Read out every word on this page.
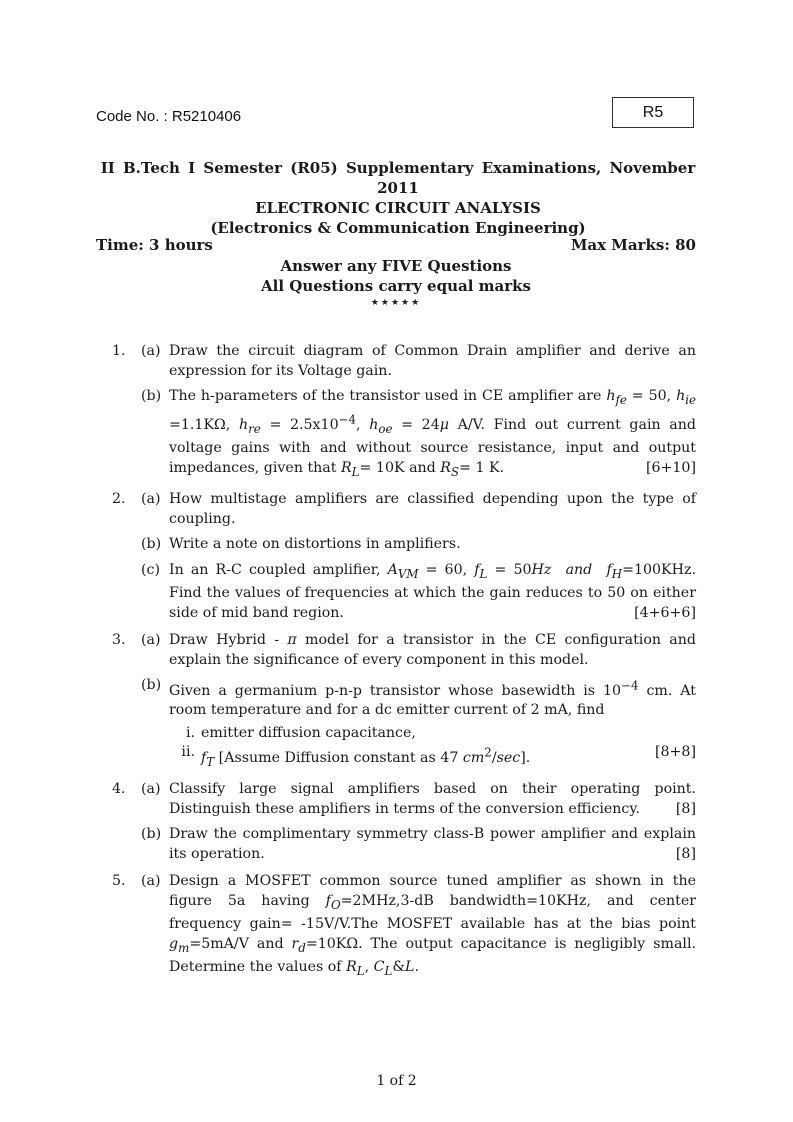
Code No. : R5210406	R5
II B.Tech I Semester (R05) Supplementary Examinations, November 2011
ELECTRONIC CIRCUIT ANALYSIS
(Electronics & Communication Engineering)
Time: 3 hours	Max Marks: 80
Answer any FIVE Questions
All Questions carry equal marks
★★★★★
1.	(a) Draw the circuit diagram of Common Drain amplifier and derive an expression for its Voltage gain.
(b) The h-parameters of the transistor used in CE amplifier are $h_{fe} = 50$, $h_{ie} =1.1K\Omega$, $h_{re} = 2.5x10^{-4}$, $h_{oe} = 24\mu$ A/V. Find out current gain and voltage gains with and without source resistance, input and output impedances, given that $R_L= 10K$ and $R_S= 1$ K.	[6+10]
2.	(a) How multistage amplifiers are classified depending upon the type of coupling.
(b) Write a note on distortions in amplifiers.
(c) In an R-C coupled amplifier, $A_{VM} = 60$, $f_L = 50Hz$ and $f_H=100KHz$. Find the values of frequencies at which the gain reduces to 50 on either side of mid band region.	[4+6+6]
3.	(a) Draw Hybrid - π model for a transistor in the CE configuration and explain the significance of every component in this model.
(b) Given a germanium p-n-p transistor whose basewidth is $10^{-4}$ cm. At room temperature and for a dc emitter current of 2 mA, find
i. emitter diffusion capacitance,
ii. $f_T$ [Assume Diffusion constant as 47 $cm^2/\sec$].	[8+8]
4.	(a) Classify large signal amplifiers based on their operating point. Distinguish these amplifiers in terms of the conversion efficiency.	[8]
(b) Draw the complimentary symmetry class-B power amplifier and explain its operation.	[8]
5.	(a) Design a MOSFET common source tuned amplifier as shown in the figure 5a having $f_O=2MHz,3-dB$ bandwidth=10KHz, and center frequency gain= -15V/V.The MOSFET available has at the bias point $g_m=5mA/V$ and $r_d=10K\Omega$. The output capacitance is negligibly small. Determine the values of $R_L$, $C_L\&L$.
1 of 2
